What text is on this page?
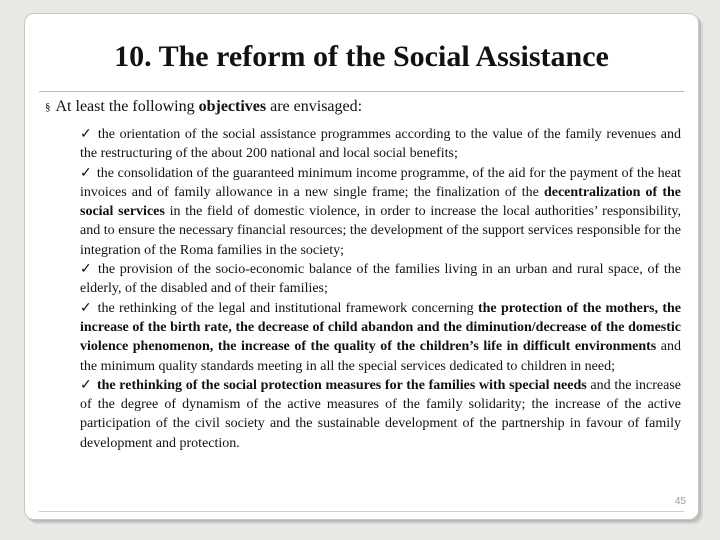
10. The reform of the Social Assistance
§ At least the following objectives are envisaged:

✓ the orientation of the social assistance programmes according to the value of the family revenues and the restructuring of the about 200 national and local social benefits;

✓ the consolidation of the guaranteed minimum income programme, of the aid for the payment of the heat invoices and of family allowance in a new single frame; the finalization of the decentralization of the social services in the field of domestic violence, in order to increase the local authorities’ responsibility, and to ensure the necessary financial resources; the development of the support services responsible for the integration of the Roma families in the society;

✓ the provision of the socio-economic balance of the families living in an urban and rural space, of the elderly, of the disabled and of their families;

✓ the rethinking of the legal and institutional framework concerning the protection of the mothers, the increase of the birth rate, the decrease of child abandon and the diminution/decrease of the domestic violence phenomenon, the increase of the quality of the children’s life in difficult environments and the minimum quality standards meeting in all the special services dedicated to children in need;

✓ the rethinking of the social protection measures for the families with special needs and the increase of the degree of dynamism of the active measures of the family solidarity; the increase of the active participation of the civil society and the sustainable development of the partnership in favour of family development and protection.

45
